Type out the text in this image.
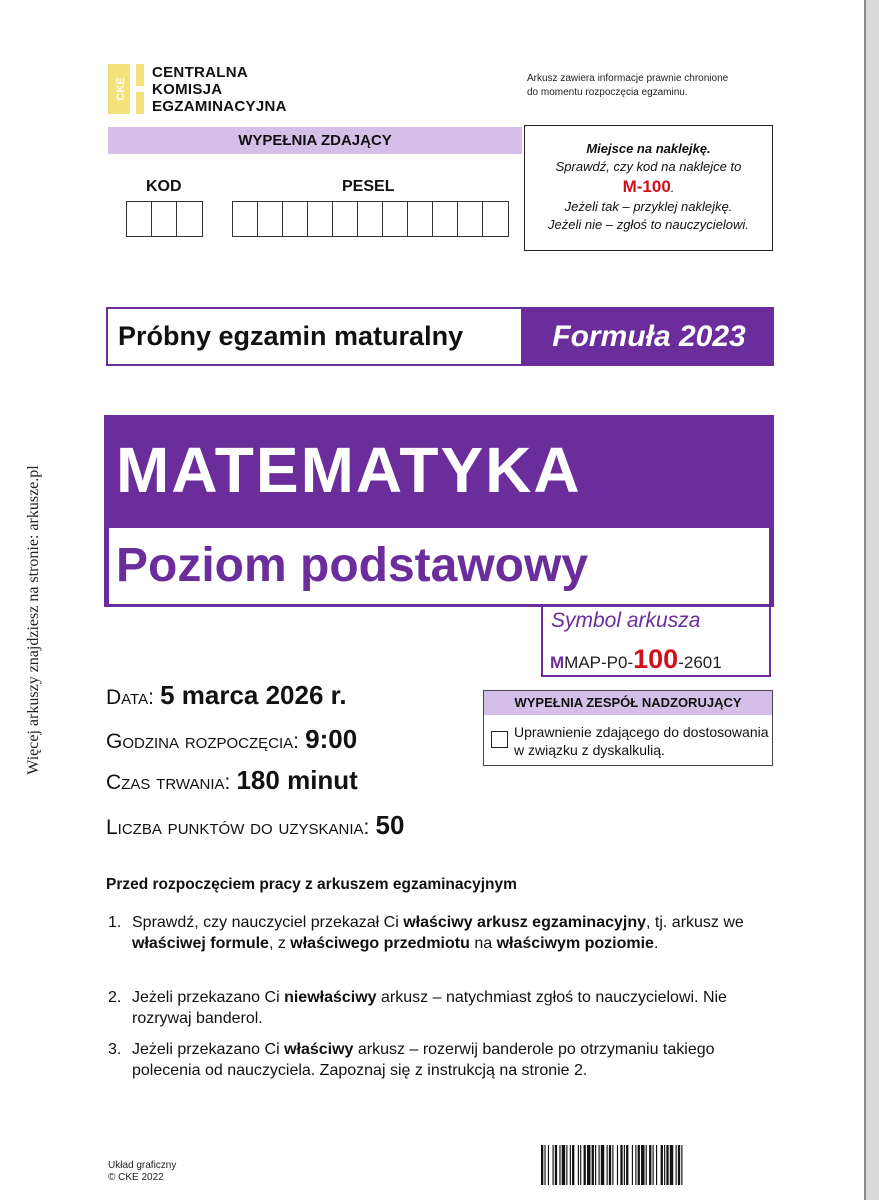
Więcej arkuszy znajdziesz na stronie: arkusze.pl
CKE
CENTRALNA
KOMISJA
EGZAMINACYJNA
Arkusz zawiera informacje prawnie chronione
do momentu rozpoczęcia egzaminu.
WYPEŁNIA ZDAJĄCY
KOD	PESEL
Miejsce na naklejkę.
Sprawdź, czy kod na naklejce to
M-100.
Jeżeli tak – przyklej naklejkę.
Jeżeli nie – zgłoś to nauczycielowi.
Próbny egzamin maturalny	Formuła 2023
MATEMATYKA
Poziom podstawowy
Symbol arkusza
MMAP-P0-100-2601
Data: 5 marca 2026 r.
Godzina rozpoczęcia: 9:00
Czas trwania: 180 minut
Liczba punktów do uzyskania: 50
WYPEŁNIA ZESPÓŁ NADZORUJĄCY
Uprawnienie zdającego do dostosowania w związku z dyskalkulią.
Przed rozpoczęciem pracy z arkuszem egzaminacyjnym
1. Sprawdź, czy nauczyciel przekazał Ci właściwy arkusz egzaminacyjny, tj. arkusz we właściwej formule, z właściwego przedmiotu na właściwym poziomie.
2. Jeżeli przekazano Ci niewłaściwy arkusz – natychmiast zgłoś to nauczycielowi. Nie rozrywaj banderol.
3. Jeżeli przekazano Ci właściwy arkusz – rozerwij banderole po otrzymaniu takiego polecenia od nauczyciela. Zapoznaj się z instrukcją na stronie 2.
Układ graficzny
© CKE 2022
